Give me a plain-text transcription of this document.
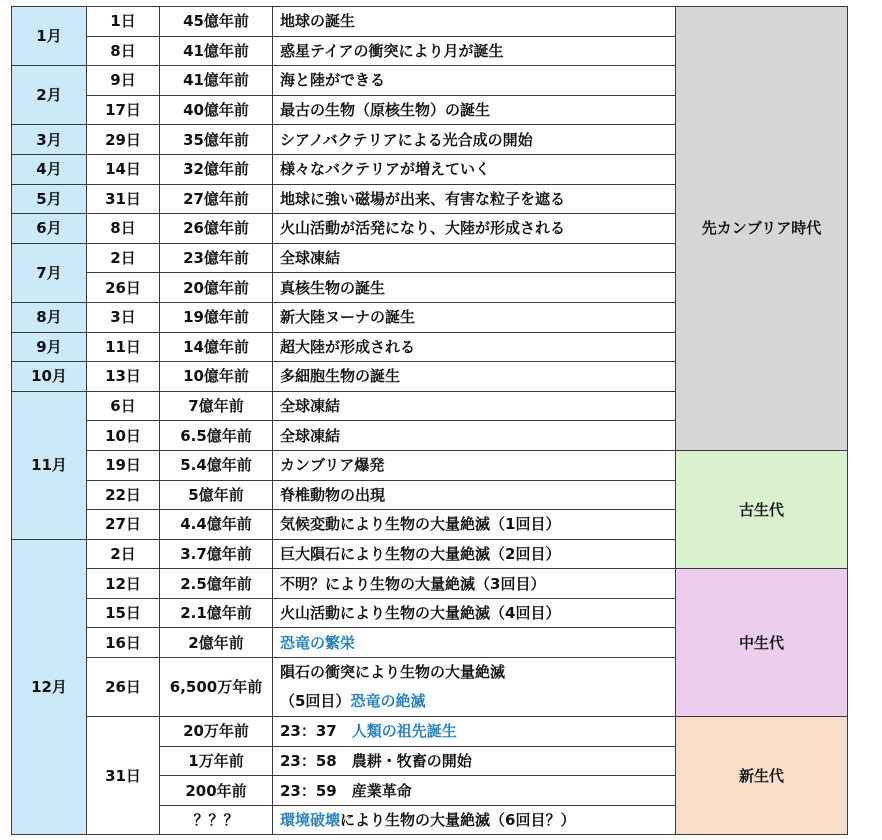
1月	1日	45億年前	地球の誕生	先カンブリア時代
	8日	41億年前	惑星テイアの衝突により月が誕生	
2月	9日	41億年前	海と陸ができる	
	17日	40億年前	最古の生物（原核生物）の誕生	
3月	29日	35億年前	シアノバクテリアによる光合成の開始	
4月	14日	32億年前	様々なバクテリアが増えていく	
5月	31日	27億年前	地球に強い磁場が出来、有害な粒子を遮る	
6月	8日	26億年前	火山活動が活発になり、大陸が形成される	
7月	2日	23億年前	全球凍結	
	26日	20億年前	真核生物の誕生	
8月	3日	19億年前	新大陸ヌーナの誕生	
9月	11日	14億年前	超大陸が形成される	
10月	13日	10億年前	多細胞生物の誕生	
11月	6日	7億年前	全球凍結	
	10日	6.5億年前	全球凍結	
	19日	5.4億年前	カンブリア爆発	古生代
	22日	5億年前	脊椎動物の出現	
	27日	4.4億年前	気候変動により生物の大量絶滅（1回目）	
12月	2日	3.7億年前	巨大隕石により生物の大量絶滅（2回目）	
	12日	2.5億年前	不明？により生物の大量絶滅（3回目）	中生代
	15日	2.1億年前	火山活動により生物の大量絶滅（4回目）	
	16日	2億年前	恐竜の繁栄	
	26日	6,500万年前	隕石の衝突により生物の大量絶滅
（5回目）恐竜の絶滅	
	31日	20万年前	23：37　 人類の祖先誕生	新生代
		1万年前	23：58　農耕・牧畜の開始	
		200年前	23：59　産業革命	
		？？？	環境破壊により生物の大量絶滅（6回目？）	
